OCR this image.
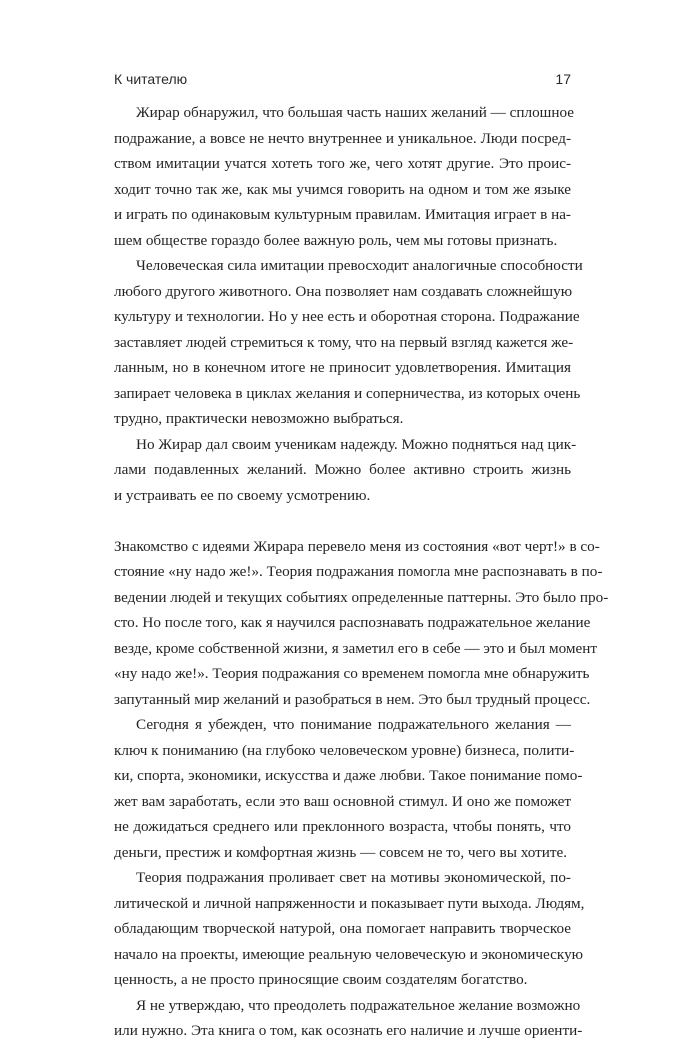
К читателю	17
Жирар обнаружил, что большая часть наших желаний — сплошное
подражание, а вовсе не нечто внутреннее и уникальное. Люди посред-
ством имитации учатся хотеть того же, чего хотят другие. Это проис-
ходит точно так же, как мы учимся говорить на одном и том же языке
и играть по одинаковым культурным правилам. Имитация играет в на-
шем обществе гораздо более важную роль, чем мы готовы признать.
Человеческая сила имитации превосходит аналогичные способности
любого другого животного. Она позволяет нам создавать сложнейшую
культуру и технологии. Но у нее есть и оборотная сторона. Подражание
заставляет людей стремиться к тому, что на первый взгляд кажется же-
ланным, но в конечном итоге не приносит удовлетворения. Имитация
запирает человека в циклах желания и соперничества, из которых очень
трудно, практически невозможно выбраться.
Но Жирар дал своим ученикам надежду. Можно подняться над цик-
лами подавленных желаний. Можно более активно строить жизнь
и устраивать ее по своему усмотрению.
Знакомство с идеями Жирара перевело меня из состояния «вот черт!» в со-
стояние «ну надо же!». Теория подражания помогла мне распознавать в по-
ведении людей и текущих событиях определенные паттерны. Это было про-
сто. Но после того, как я научился распознавать подражательное желание
везде, кроме собственной жизни, я заметил его в себе — это и был момент
«ну надо же!». Теория подражания со временем помогла мне обнаружить
запутанный мир желаний и разобраться в нем. Это был трудный процесс.
Сегодня я убежден, что понимание подражательного желания —
ключ к пониманию (на глубоко человеческом уровне) бизнеса, полити-
ки, спорта, экономики, искусства и даже любви. Такое понимание помо-
жет вам заработать, если это ваш основной стимул. И оно же поможет
не дожидаться среднего или преклонного возраста, чтобы понять, что
деньги, престиж и комфортная жизнь — совсем не то, чего вы хотите.
Теория подражания проливает свет на мотивы экономической, по-
литической и личной напряженности и показывает пути выхода. Людям,
обладающим творческой натурой, она помогает направить творческое
начало на проекты, имеющие реальную человеческую и экономическую
ценность, а не просто приносящие своим создателям богатство.
Я не утверждаю, что преодолеть подражательное желание возможно
или нужно. Эта книга о том, как осознать его наличие и лучше ориенти-
